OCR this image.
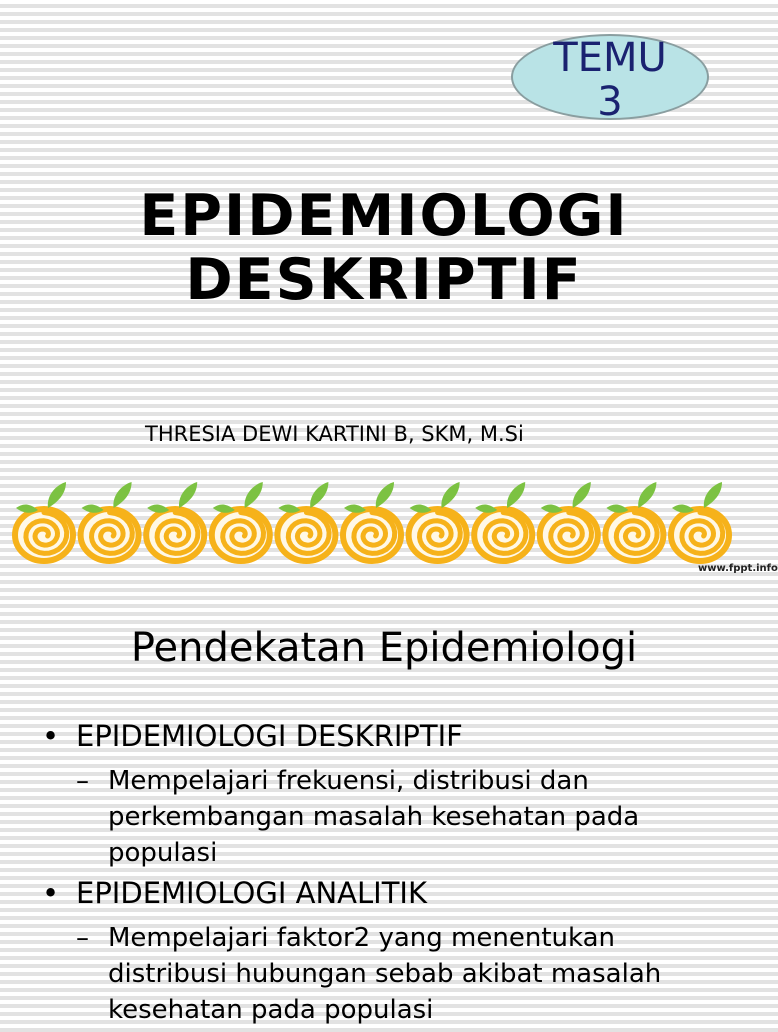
TEMU
3
EPIDEMIOLOGI
DESKRIPTIF
THRESIA DEWI KARTINI B, SKM, M.Si
www.fppt.info
Pendekatan Epidemiologi
• EPIDEMIOLOGI DESKRIPTIF
– Mempelajari frekuensi, distribusi dan perkembangan masalah kesehatan pada populasi
• EPIDEMIOLOGI ANALITIK
– Mempelajari faktor2 yang menentukan distribusi hubungan sebab akibat masalah kesehatan pada populasi
